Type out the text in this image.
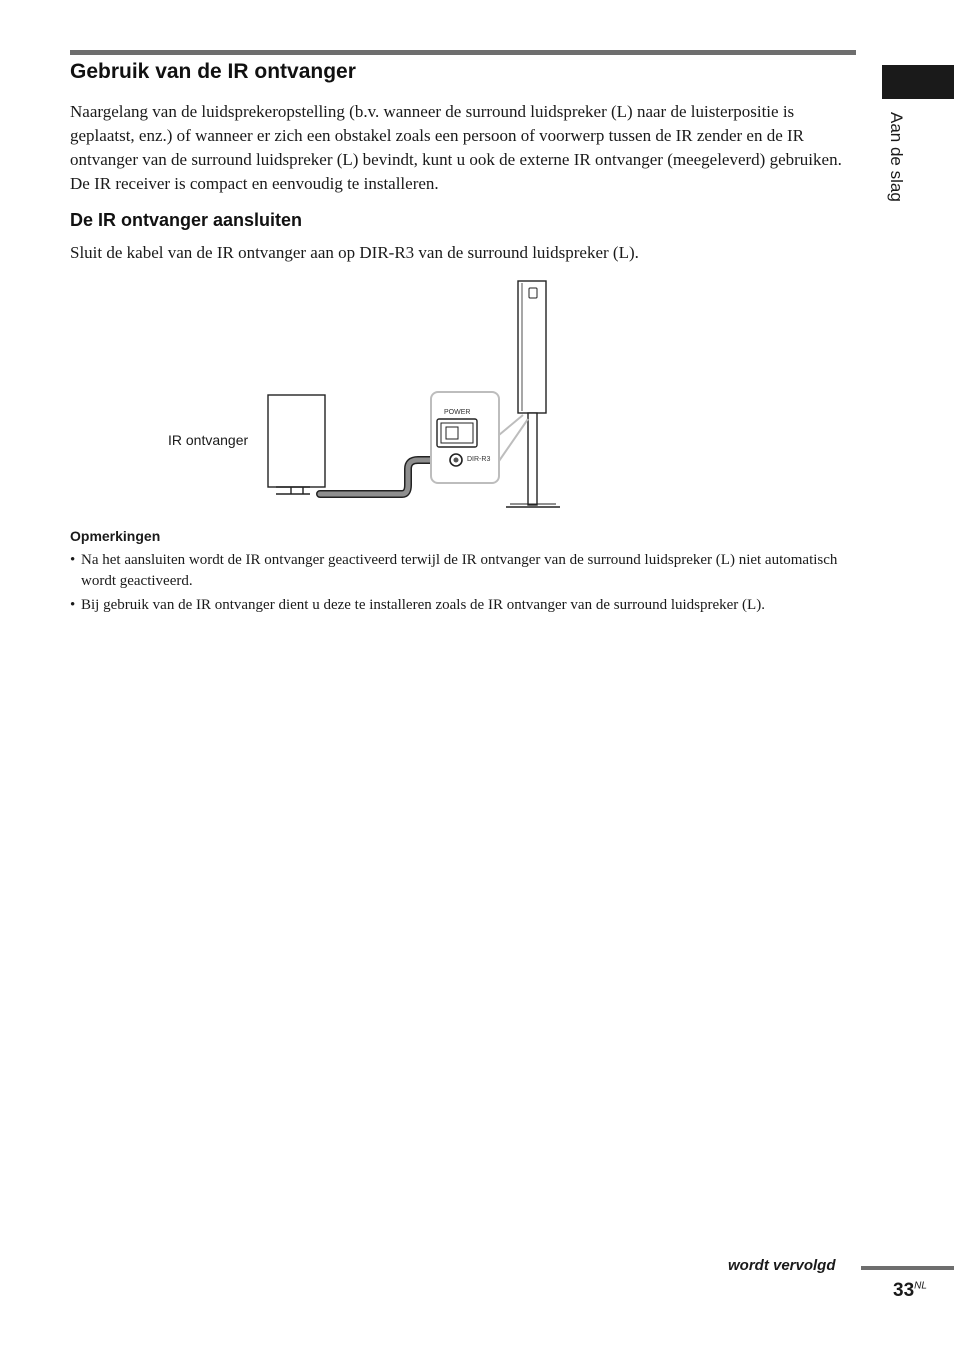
Gebruik van de IR ontvanger

Naargelang van de luidsprekeropstelling (b.v. wanneer de surround luidspreker (L) naar de luisterpositie is geplaatst, enz.) of wanneer er zich een obstakel zoals een persoon of voorwerp tussen de IR zender en de IR ontvanger van de surround luidspreker (L) bevindt, kunt u ook de externe IR ontvanger (meegeleverd) gebruiken. De IR receiver is compact en eenvoudig te installeren.

De IR ontvanger aansluiten

Sluit de kabel van de IR ontvanger aan op DIR-R3 van de surround luidspreker (L).

IR ontvanger
POWER
DIR-R3
Opmerkingen
• Na het aansluiten wordt de IR ontvanger geactiveerd terwijl de IR ontvanger van de surround luidspreker (L) niet automatisch wordt geactiveerd.
• Bij gebruik van de IR ontvanger dient u deze te installeren zoals de IR ontvanger van de surround luidspreker (L).
Aan de slag
wordt vervolgd
$33^{NL}$
